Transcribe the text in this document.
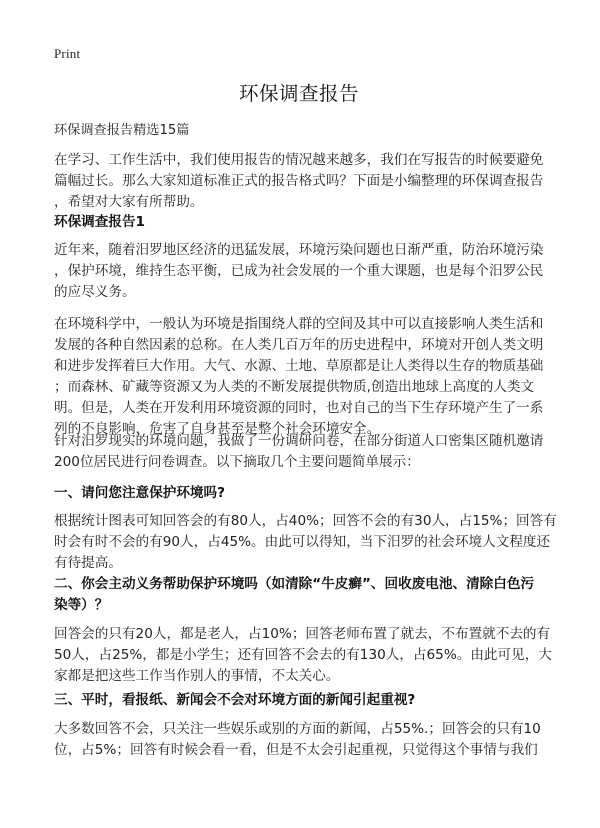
Print
环保调查报告
环保调查报告精选15篇

在学习、工作生活中，我们使用报告的情况越来越多，我们在写报告的时候要避免
篇幅过长。那么大家知道标准正式的报告格式吗？下面是小编整理的环保调查报告
，希望对大家有所帮助。

环保调查报告1

近年来，随着汨罗地区经济的迅猛发展，环境污染问题也日渐严重，防治环境污染
，保护环境，维持生态平衡，已成为社会发展的一个重大课题，也是每个汨罗公民
的应尽义务。

在环境科学中，一般认为环境是指围绕人群的空间及其中可以直接影响人类生活和
发展的各种自然因素的总称。在人类几百万年的历史进程中，环境对开创人类文明
和进步发挥着巨大作用。大气、水源、土地、草原都是让人类得以生存的物质基础
；而森林、矿藏等资源又为人类的不断发展提供物质,创造出地球上高度的人类文
明。但是，人类在开发利用环境资源的同时，也对自己的当下生存环境产生了一系
列的不良影响，危害了自身甚至是整个社会环境安全。

针对汨罗现实的环境问题，我做了一份调研问卷，在部分街道人口密集区随机邀请
200位居民进行问卷调查。以下摘取几个主要问题简单展示：

一、请问您注意保护环境吗?

根据统计图表可知回答会的有80人，占40%；回答不会的有30人，占15%；回答有
时会有时不会的有90人，占45%。由此可以得知，当下汨罗的社会环境人文程度还
有待提高。

二、你会主动义务帮助保护环境吗（如清除“牛皮癣”、回收废电池、清除白色污
染等）？

回答会的只有20人，都是老人，占10%；回答老师布置了就去，不布置就不去的有
50人，占25%，都是小学生；还有回答不会去的有130人，占65%。由此可见，大
家都是把这些工作当作别人的事情，不太关心。

三、平时，看报纸、新闻会不会对环境方面的新闻引起重视?

大多数回答不会，只关注一些娱乐或别的方面的新闻，占55%.；回答会的只有10
位，占5%；回答有时候会看一看，但是不太会引起重视，只觉得这个事情与我们
